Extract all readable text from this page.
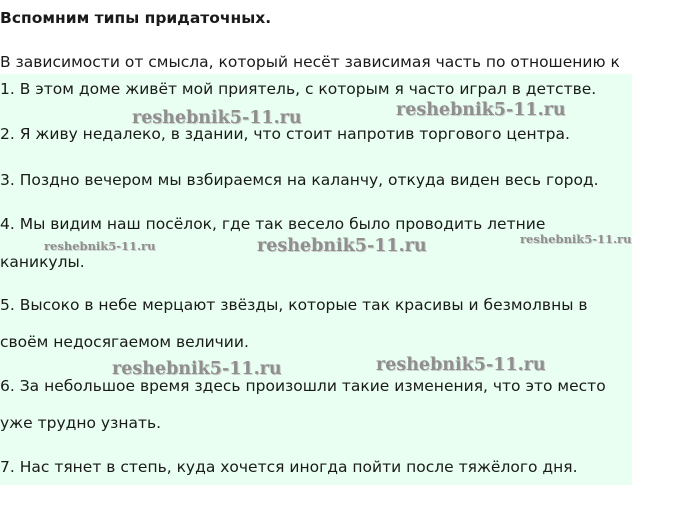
Вспомним типы придаточных.
В зависимости от смысла, который несёт зависимая часть по отношению к
1. В этом доме живёт мой приятель, с которым я часто играл в детстве.
2. Я живу недалеко, в здании, что стоит напротив торгового центра.
3. Поздно вечером мы взбираемся на каланчу, откуда виден весь город.
4. Мы видим наш посёлок, где так весело было проводить летние
каникулы.
5. Высоко в небе мерцают звёзды, которые так красивы и безмолвны в
своём недосягаемом величии.
6. За небольшое время здесь произошли такие изменения, что это место
уже трудно узнать.
7. Нас тянет в степь, куда хочется иногда пойти после тяжёлого дня.
reshebnik5-11.ru	reshebnik5-11.ru
reshebnik5-11.ru	reshebnik5-11.ru	reshebnik5-11.ru
reshebnik5-11.ru	reshebnik5-11.ru
